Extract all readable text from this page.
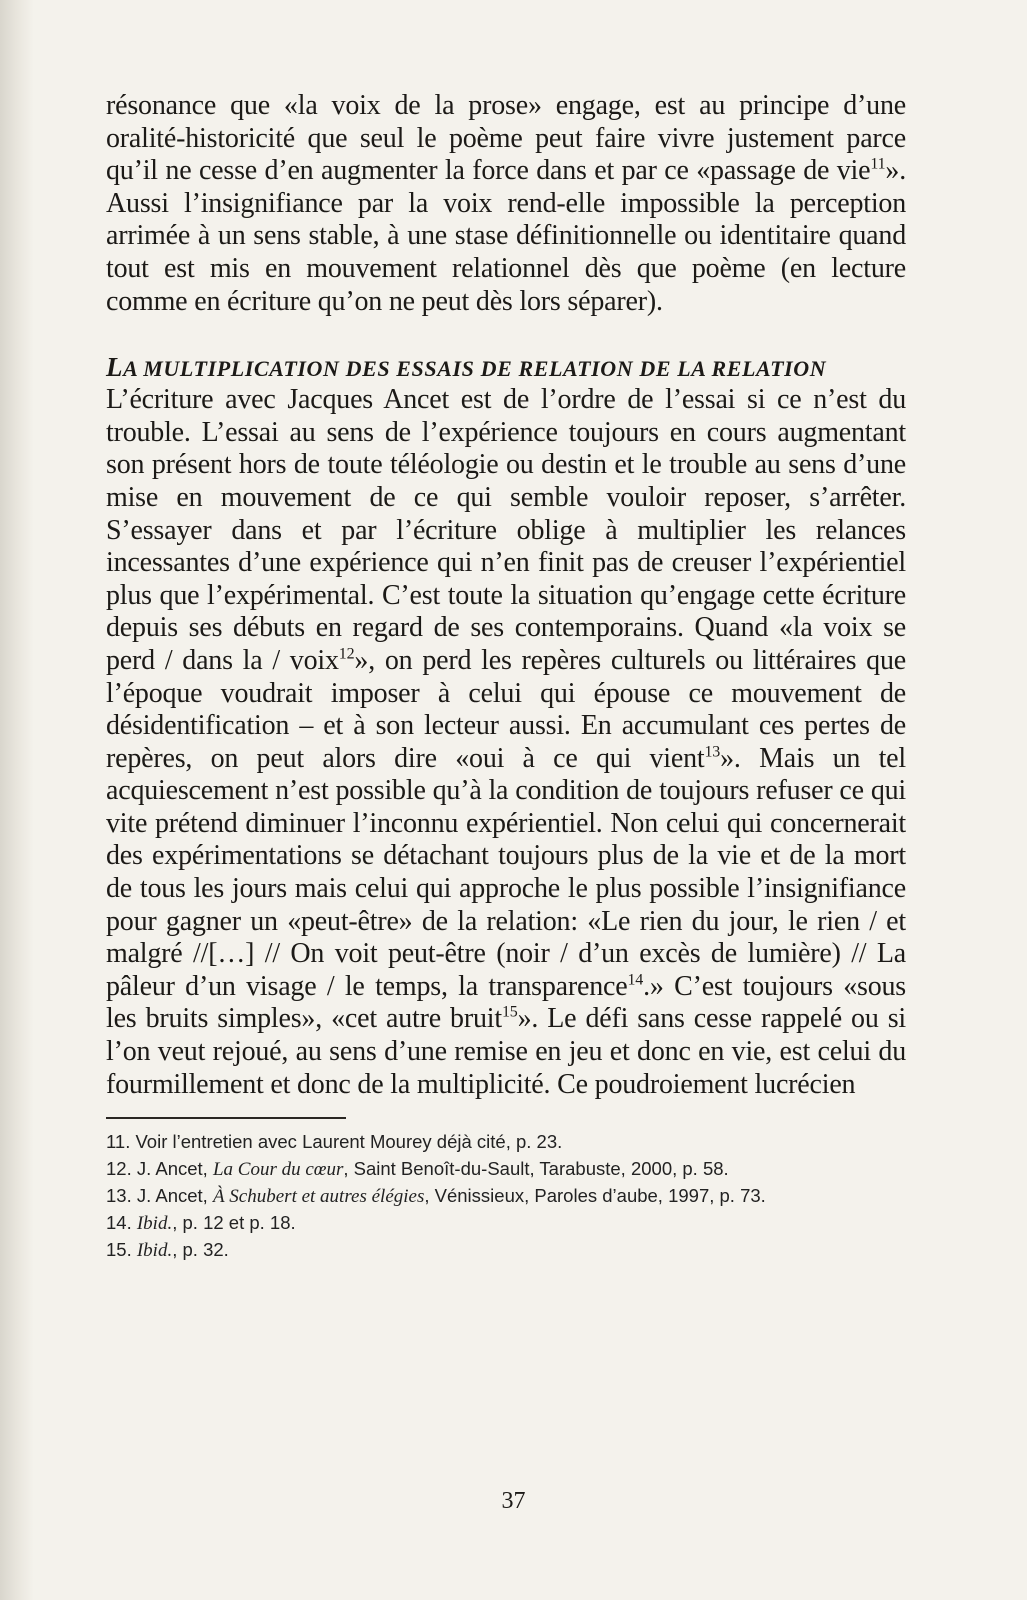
résonance que «la voix de la prose» engage, est au principe d’une oralité-historicité que seul le poème peut faire vivre justement parce qu’il ne cesse d’en augmenter la force dans et par ce «passage de vie$^{11}$». Aussi l’insignifiance par la voix rend-elle impossible la perception arrimée à un sens stable, à une stase définitionnelle ou identitaire quand tout est mis en mouvement relationnel dès que poème (en lecture comme en écriture qu’on ne peut dès lors séparer).

LA MULTIPLICATION DES ESSAIS DE RELATION DE LA RELATION

L’écriture avec Jacques Ancet est de l’ordre de l’essai si ce n’est du trouble. L’essai au sens de l’expérience toujours en cours augmentant son présent hors de toute téléologie ou destin et le trouble au sens d’une mise en mouvement de ce qui semble vouloir reposer, s’arrêter. S’essayer dans et par l’écriture oblige à multiplier les relances incessantes d’une expérience qui n’en finit pas de creuser l’expérientiel plus que l’expérimental. C’est toute la situation qu’engage cette écriture depuis ses débuts en regard de ses contemporains. Quand «la voix se perd / dans la / voix$^{12}$», on perd les repères culturels ou littéraires que l’époque voudrait imposer à celui qui épouse ce mouvement de désidentification – et à son lecteur aussi. En accumulant ces pertes de repères, on peut alors dire «oui à ce qui vient$^{13}$». Mais un tel acquiescement n’est possible qu’à la condition de toujours refuser ce qui vite prétend diminuer l’inconnu expérientiel. Non celui qui concernerait des expérimentations se détachant toujours plus de la vie et de la mort de tous les jours mais celui qui approche le plus possible l’insignifiance pour gagner un «peut-être» de la relation: «Le rien du jour, le rien / et malgré //[…] // On voit peut-être (noir / d’un excès de lumière) // La pâleur d’un visage / le temps, la transparence$^{14}$.» C’est toujours «sous les bruits simples», «cet autre bruit$^{15}$». Le défi sans cesse rappelé ou si l’on veut rejoué, au sens d’une remise en jeu et donc en vie, est celui du fourmillement et donc de la multiplicité. Ce poudroiement lucrécien

11. Voir l’entretien avec Laurent Mourey déjà cité, p. 23.
12. J. Ancet, La Cour du cœur, Saint Benoît-du-Sault, Tarabuste, 2000, p. 58.
13. J. Ancet, À Schubert et autres élégies, Vénissieux, Paroles d’aube, 1997, p. 73.
14. Ibid., p. 12 et p. 18.
15. Ibid., p. 32.
37
